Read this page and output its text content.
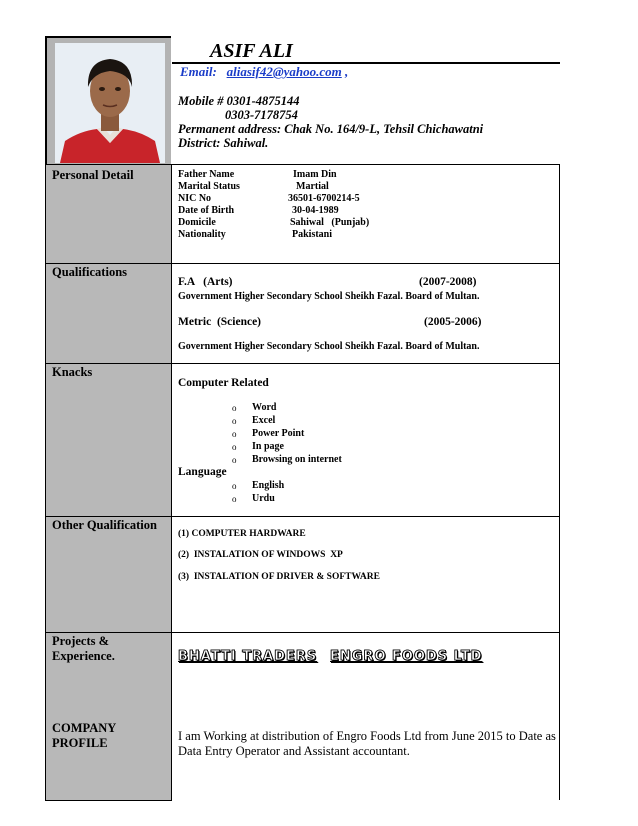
ASIF ALI
Email: aliasif42@yahoo.com ,
Mobile # 0301-4875144
0303-7178754
Permanent address: Chak No. 164/9-L, Tehsil Chichawatni
District: Sahiwal.
Personal Detail	Father Name	Imam Din
Marital Status	Martial
NIC No	36501-6700214-5
Date of Birth	30-04-1989
Domicile	Sahiwal   (Punjab)
Nationality	Pakistani
Qualifications
F.A   (Arts)	(2007-2008)
Government Higher Secondary School Sheikh Fazal. Board of Multan.
Metric  (Science)	(2005-2006)
Government Higher Secondary School Sheikh Fazal. Board of Multan.
Knacks
Computer Related
o Word
o Excel
o Power Point
o In page
o Browsing on internet
Language
o English
o Urdu
Other Qualification
(1) COMPUTER HARDWARE
(2)  INSTALATION OF WINDOWS  XP
(3)  INSTALATION OF DRIVER & SOFTWARE
Projects &
Experience.	BHATTI TRADERS ENGRO FOODS LTD
COMPANY
PROFILE	I am Working at distribution of Engro Foods Ltd from June 2015 to Date as Data Entry Operator and Assistant accountant.
